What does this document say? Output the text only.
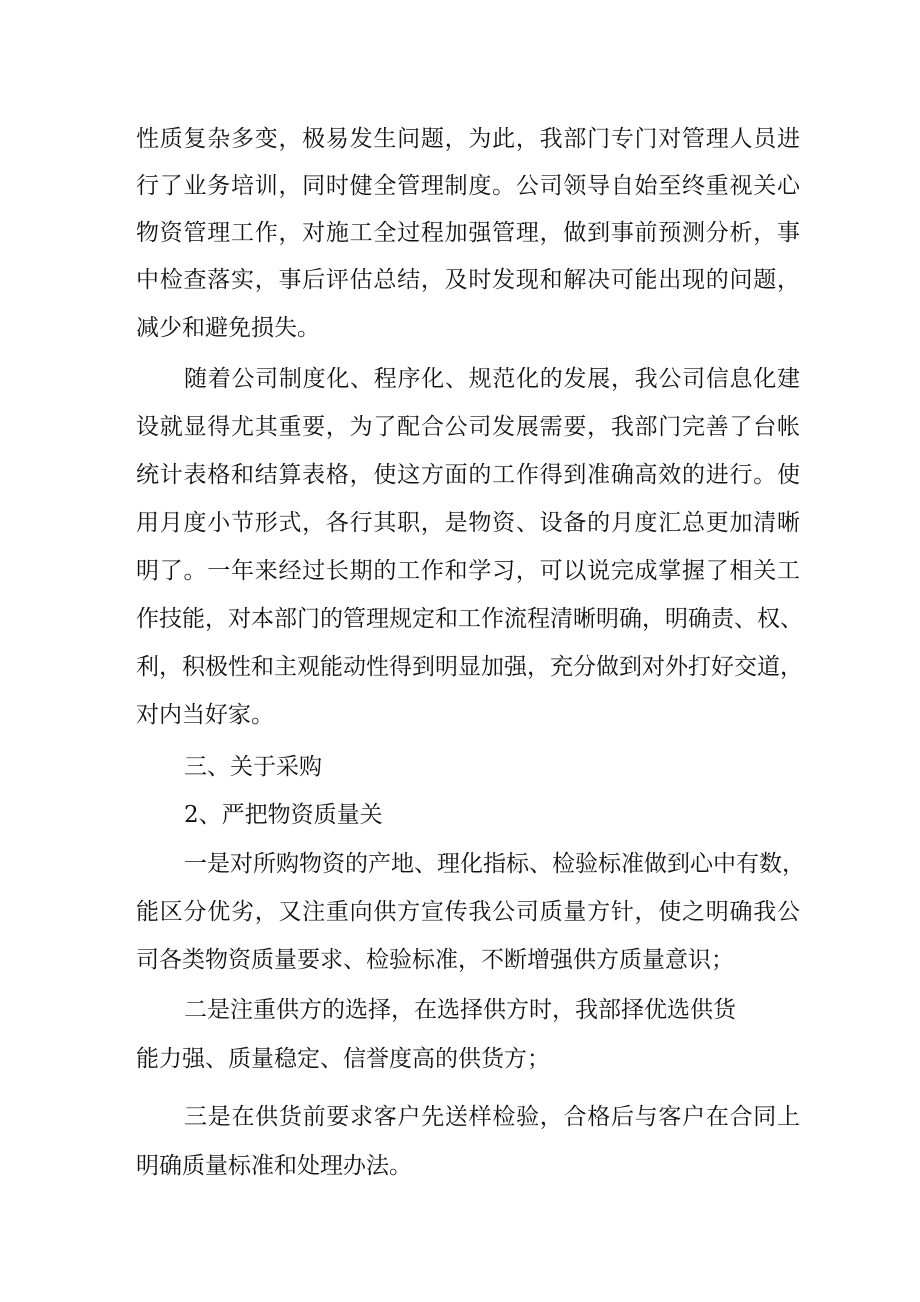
性质复杂多变，极易发生问题，为此，我部门专门对管理人员进
行了业务培训，同时健全管理制度。公司领导自始至终重视关心
物资管理工作，对施工全过程加强管理，做到事前预测分析，事
中检查落实，事后评估总结，及时发现和解决可能出现的问题，
减少和避免损失。
随着公司制度化、程序化、规范化的发展，我公司信息化建
设就显得尤其重要，为了配合公司发展需要，我部门完善了台帐
统计表格和结算表格，使这方面的工作得到准确高效的进行。使
用月度小节形式，各行其职，是物资、设备的月度汇总更加清晰
明了。一年来经过长期的工作和学习，可以说完成掌握了相关工
作技能，对本部门的管理规定和工作流程清晰明确，明确责、权、
利，积极性和主观能动性得到明显加强，充分做到对外打好交道，
对内当好家。
三、关于采购
2、严把物资质量关
一是对所购物资的产地、理化指标、检验标准做到心中有数，
能区分优劣，又注重向供方宣传我公司质量方针，使之明确我公
司各类物资质量要求、检验标准，不断增强供方质量意识；
二是注重供方的选择，在选择供方时，我部择优选供货
能力强、质量稳定、信誉度高的供货方；
三是在供货前要求客户先送样检验，合格后与客户在合同上
明确质量标准和处理办法。
